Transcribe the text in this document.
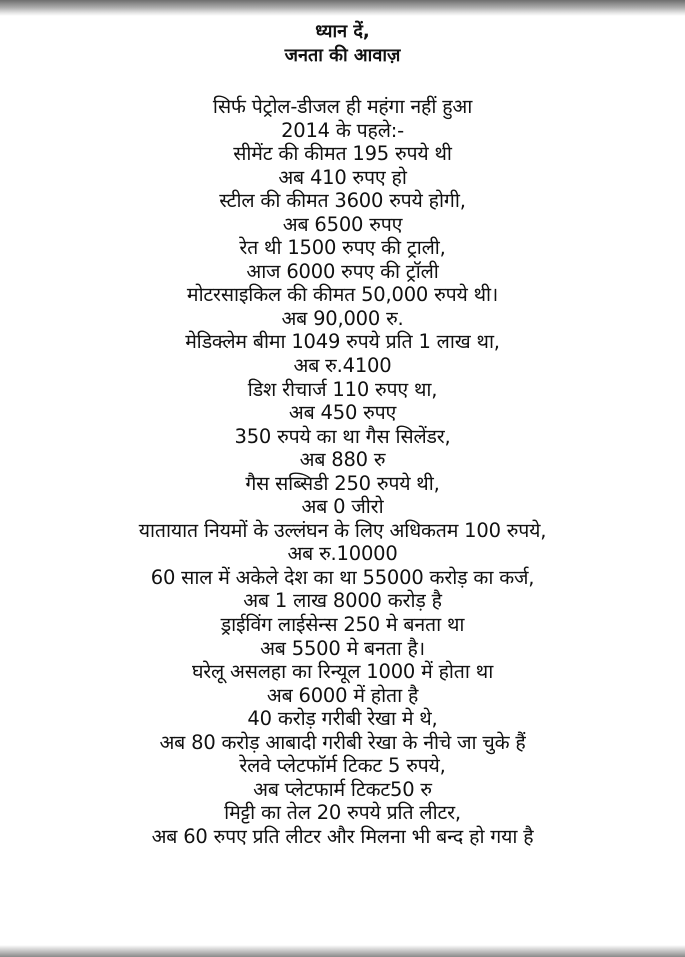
ध्यान दें,
जनता की आवाज़
सिर्फ पेट्रोल-डीजल ही महंगा नहीं हुआ
2014 के पहले:-
सीमेंट की कीमत 195 रुपये थी
अब 410 रुपए हो
स्टील की कीमत 3600 रुपये होगी,
अब 6500 रुपए
रेत थी 1500 रुपए की ट्राली,
आज 6000 रुपए की ट्रॉली
मोटरसाइकिल की कीमत 50,000 रुपये थी।
अब 90,000 रु.
मेडिक्लेम बीमा 1049 रुपये प्रति 1 लाख था,
अब रु.4100
डिश रीचार्ज 110 रुपए था,
अब 450 रुपए
350 रुपये का था गैस सिलेंडर,
अब 880 रु
गैस सब्सिडी 250 रुपये थी,
अब 0 जीरो
यातायात नियमों के उल्लंघन के लिए अधिकतम 100 रुपये,
अब रु.10000
60 साल में अकेले देश का था 55000 करोड़ का कर्ज,
अब 1 लाख 8000 करोड़ है
ड्राईविंग लाईसेन्स 250 मे बनता था
अब 5500 मे बनता है।
घरेलू असलहा का रिन्यूल 1000 में होता था
अब 6000 में होता है
40 करोड़ गरीबी रेखा मे थे,
अब 80 करोड़ आबादी गरीबी रेखा के नीचे जा चुके हैं
रेलवे प्लेटफॉर्म टिकट 5 रुपये,
अब प्लेटफार्म टिकट50 रु
मिट्टी का तेल 20 रुपये प्रति लीटर,
अब 60 रुपए प्रति लीटर और मिलना भी बन्द हो गया है
